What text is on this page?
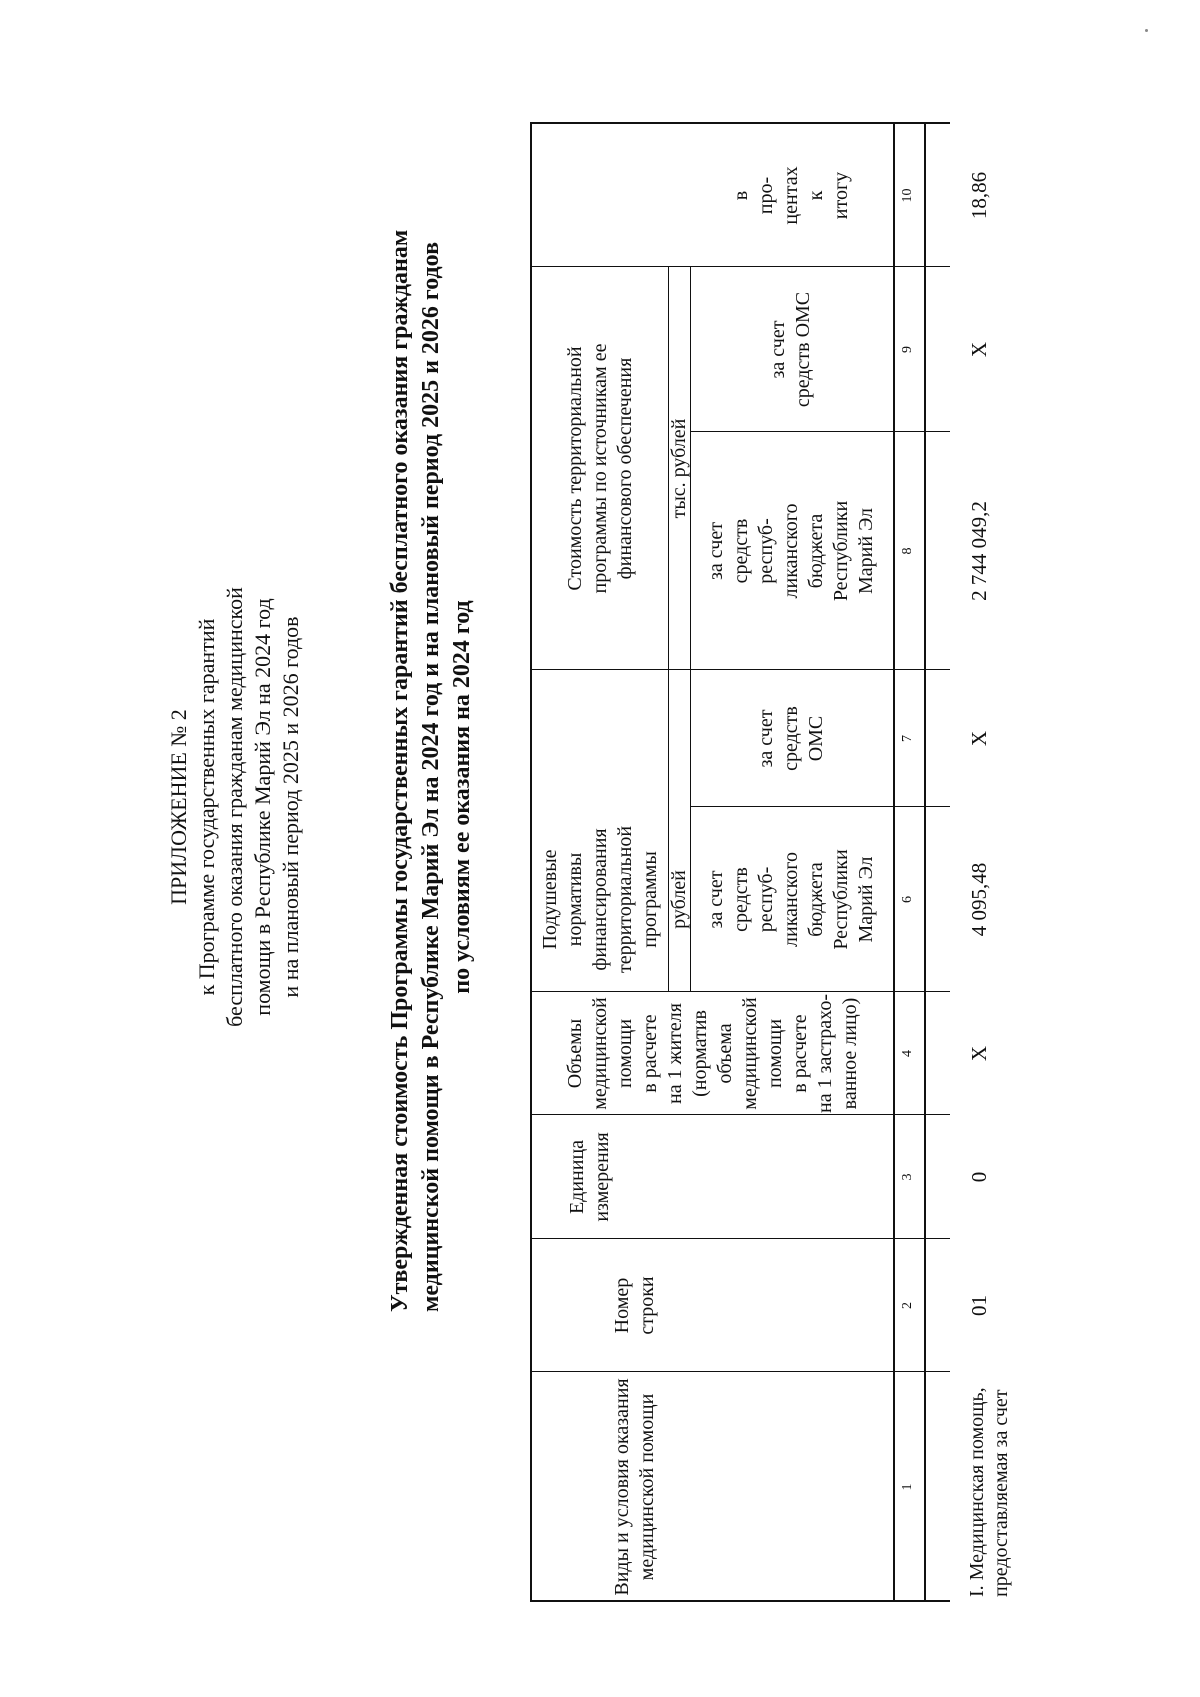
ПРИЛОЖЕНИЕ № 2 к Программе государственных гарантий бесплатного оказания гражданам медицинской помощи в Республике Марий Эл на 2024 год и на плановый период 2025 и 2026 годов	Утвержденная стоимость Программы государственных гарантий бесплатного оказания гражданам медицинской помощи в Республике Марий Эл на 2024 год и на плановый период 2025 и 2026 годов по условиям ее оказания на 2024 год
Виды и условия оказания медицинской помощи
Номер строки
Единица измерения
Объемы медицинской помощи в расчете на 1 жителя (норматив объема медицинской помощи в расчете на 1 застрахо- ванное лицо)
Подушевые нормативы финансирования территориальной программы рублей за счет средств респуб- ликанского бюджета Республики Марий Эл
за счет средств ОМС
Стоимость территориальной программы по источникам ее финансового обеспечения тыс. рублей
за счет средств респуб- ликанского бюджета Республики Марий Эл
за счет средств ОМС
в про- центах к итогу
1
2
3
4
6
7
8
9
10
I. Медицинская помощь, предоставляемая за счет
01
0
X
4 095,48
X
2 744 049,2
X
18,86
